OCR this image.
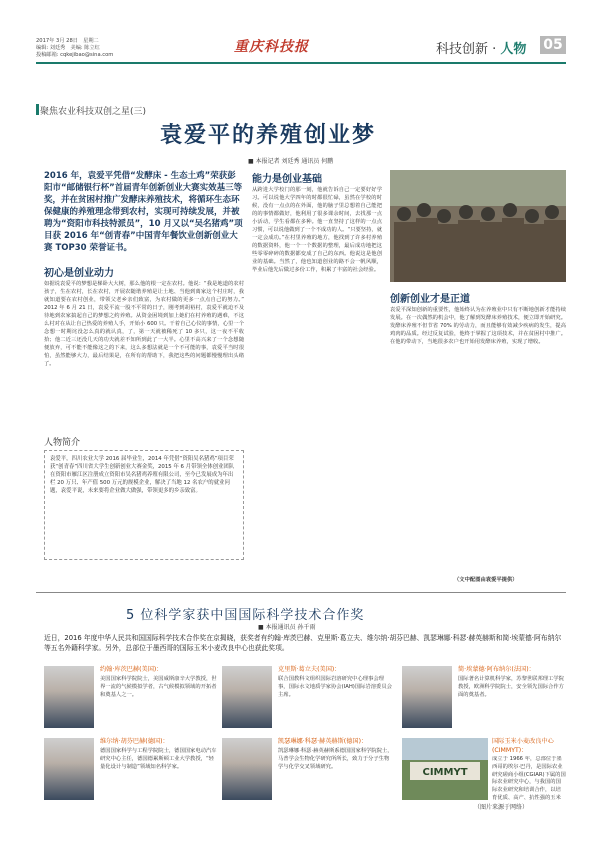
2017年 3月 28日　星期二
编辑: 刘廷秀　美编: 陈立红
投稿邮箱: cqkejibao@sina.com	重庆科技报	科技创新 · 人物 05
聚焦农业科技双创之星(三)
袁爱平的养殖创业梦
■ 本报记者 刘廷秀 通讯员 何鹏
2016 年，袁爱平凭借“发酵床 - 生态土鸡”荣获彭阳市“邮储银行杯”首届青年创新创业大赛实效基三等奖，并在贫困村推广发酵床养殖技术，将循环生态环保健康的养殖理念带到农村，实现可持续发展，并被聘为“资阳市科技特派员”，10 月又以“吴名猪鸡”项目获 2016 年“创青春”中国青年餐饮业创新创业大赛 TOP30 荣誉证书。
初心是创业动力
如据说袁爱平的梦想是梯卧大大树，那么他的根一定在农村。他说：“我是地道的农村孩子，生在农村，长在农村，开展农随谐养殖是让土地、当他到离家这个村庄时，我就知道要在农村创业，带领父老乡亲们致富，为农村做的更多一点点自己的努力。” 2012 年 6 月 21 日，袁爱平流一股不平常的日子，刚考到胡裕村，袁爱平就迫不及待地到农家搞起自己的梦想之约养殖。从资金困境到加上她们在村养殖的遇难，不这么村对在从让自己热爱的养殖人手，开始小 600 只。干着自己心仪的事情，心里一个念想一时期诧没怎么真的就认真，了，第一天就被稀死了 10 多只，这一夜不平收拾；他二近三还没几天的功夫就差不知所到此了一大半。心里不高兴来了一个念想随便放弃，可不能不能像这之的下来，这么多想法就是一个不可能的事，袁爱平当时很怕，虽然能够大力，最后结果是，在所有的帮助下，我把这些的问题都慢慢理出头绪了。
能力是创业基础
从跨进大学校门的那一刻，他就告诉自己一定要好好学习。可以说他大学四年的时都很忙碌，虽然在学校的时候，没有一点点的在外面，他的脑子里总想着自己能把的的事情都做好，他利用了很多课余时间，去找那一点小活动，学生看都在多种。他一直坚持了这样的一点点习惯，可以说他做到了一个不成功的人。“只要坚持，就一定会成功。”在村里养殖的地方，他找到了许多村养殖的数据资料，他一个一个数据的整理，最后成功地把这些零零碎碎的数据都变成了自己的东西。他说这是他创业的基础。当然了，他也知道创业的路不会一帆风顺，毕业后他先后做过多份工作，积累了丰富的社会经验。
创新创业才是正道
袁爱平深知创新的重要性，他始终认为在养殖业中只有不断地创新才能持续发展。在一次偶然的机会中，他了解到发酵床养殖技术，便立即开始研究。发酵床养殖不但节省 70% 的劳动力，而且能够有效减少疾病的发生，提高鸡肉的品质。经过反复试验，他终于掌握了这项技术，并在贫困村中推广。在他的带动下，当地很多农户也开始用发酵床养殖，实现了增收。
（文中配图由袁爱平提供）
人物简介
袁爱平，四川农业大学 2016 届毕业生，2014 年凭借“资阳吴名猪鸡”项目荣获“创青春”四川省大学生创新创业大赛金奖，2015 年 6 月带领全体创业团队在资阳市雁江区注册成立资阳市吴名猪鸡养殖有限公司，至今已发展成为年出栏 20 万只、年产值 500 万元的规模企业，解决了当地 12 名农户的就业问题，袁爱平说，未来要将企业做大做强，带领更多的乡亲致富。
5 位科学家获中国国际科学技术合作奖
■ 本报通讯员 孙千雨
近日，2016 年度中华人民共和国国际科学技术合作奖在京揭晓，获奖者有约翰·库茨巴赫、克里斯·葛立夫、维尔纳·胡芬巴赫、凯瑟琳娜·科瑟·赫英赫斯和简·埃蒙德·阿布纳尔等五名外籍科学家。另外，总部位于墨西哥的国际玉米小麦改良中心也获此奖项。
约翰·库茨巴赫(美国)：
美国国家科学院院士，美国威斯康辛大学教授，世界一流的气候模拟学者，古气候模拟领域的开拓者和奠基人之一。
克里斯·葛立夫(美国)：
联合国教科文组织国际岩溶研究中心理事会理事，国际水文地质学家协会(IAH)国际岩溶委员会主席。
简·埃蒙德·阿布纳尔(法国)：
国际著名计算机科学家，苏黎世联邦理工学院教授，欧洲科学院院士，安全领先国际合作方面的奠基者。
维尔纳·胡芬巴赫(德国)：
德国国家科学与工程学院院士，德国国家电动汽车研究中心主任，德国德累斯顿工业大学教授，“轻量化设计与制造”领域知名科学家。
凯瑟琳娜·科瑟·赫英赫斯(德国)：
凯瑟琳娜·科瑟·赫英赫斯系德国国家科学院院士，马普学会生物化学研究所所长，致力于分子生物学与化学交叉领域研究。
CIMMYT
国际玉米小麦改良中心(CIMMYT)：
成立于 1966 年，总部位于墨西哥的埃尔·巴丹，是国际农业研究磋商小组(CGIAR)下属的国际农业研究中心，与我国的国际农业研究和培训合作，以培育优质、高产、抗性强的玉米
（图片来源于网络）
